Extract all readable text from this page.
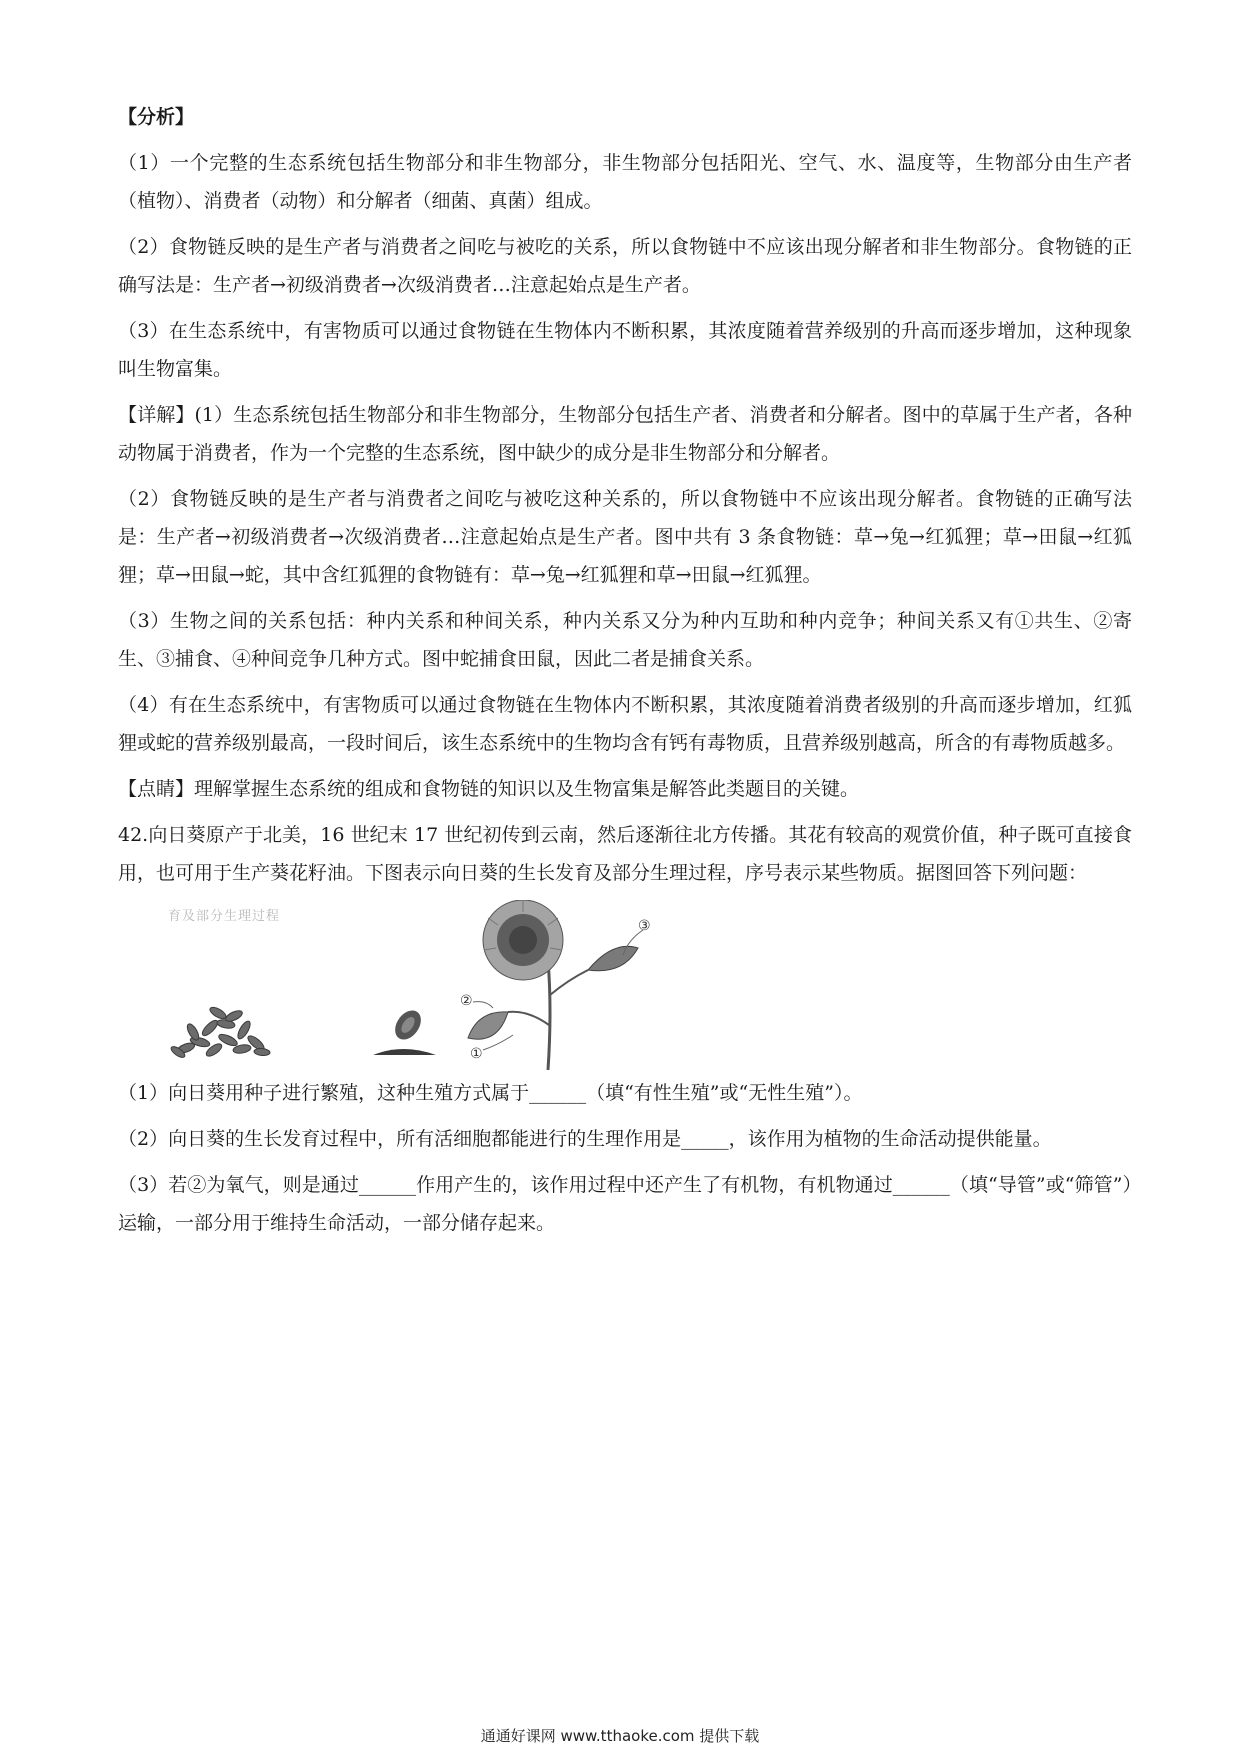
【分析】

（1）一个完整的生态系统包括生物部分和非生物部分，非生物部分包括阳光、空气、水、温度等，生物部分由生产者（植物）、消费者（动物）和分解者（细菌、真菌）组成。

（2）食物链反映的是生产者与消费者之间吃与被吃的关系，所以食物链中不应该出现分解者和非生物部分。食物链的正确写法是：生产者→初级消费者→次级消费者…注意起始点是生产者。

（3）在生态系统中，有害物质可以通过食物链在生物体内不断积累，其浓度随着营养级别的升高而逐步增加，这种现象叫生物富集。

【详解】(1）生态系统包括生物部分和非生物部分，生物部分包括生产者、消费者和分解者。图中的草属于生产者，各种动物属于消费者，作为一个完整的生态系统，图中缺少的成分是非生物部分和分解者。

（2）食物链反映的是生产者与消费者之间吃与被吃这种关系的，所以食物链中不应该出现分解者。食物链的正确写法是：生产者→初级消费者→次级消费者…注意起始点是生产者。图中共有 3 条食物链：草→兔→红狐狸；草→田鼠→红狐狸；草→田鼠→蛇，其中含红狐狸的食物链有：草→兔→红狐狸和草→田鼠→红狐狸。

（3）生物之间的关系包括：种内关系和种间关系，种内关系又分为种内互助和种内竞争；种间关系又有①共生、②寄生、③捕食、④种间竞争几种方式。图中蛇捕食田鼠，因此二者是捕食关系。

（4）有在生态系统中，有害物质可以通过食物链在生物体内不断积累，其浓度随着消费者级别的升高而逐步增加，红狐狸或蛇的营养级别最高，一段时间后，该生态系统中的生物均含有钙有毒物质，且营养级别越高，所含的有毒物质越多。

【点睛】理解掌握生态系统的组成和食物链的知识以及生物富集是解答此类题目的关键。

42.向日葵原产于北美，16 世纪末 17 世纪初传到云南，然后逐渐往北方传播。其花有较高的观赏价值，种子既可直接食用，也可用于生产葵花籽油。下图表示向日葵的生长发育及部分生理过程，序号表示某些物质。据图回答下列问题：

育及部分生理过程
③
②
①

（1）向日葵用种子进行繁殖，这种生殖方式属于______（填“有性生殖”或“无性生殖”）。

（2）向日葵的生长发育过程中，所有活细胞都能进行的生理作用是_____，该作用为植物的生命活动提供能量。

（3）若②为氧气，则是通过______作用产生的，该作用过程中还产生了有机物，有机物通过______（填“导管”或“筛管”）运输，一部分用于维持生命活动，一部分储存起来。

通通好课网 www.tthaoke.com 提供下载
